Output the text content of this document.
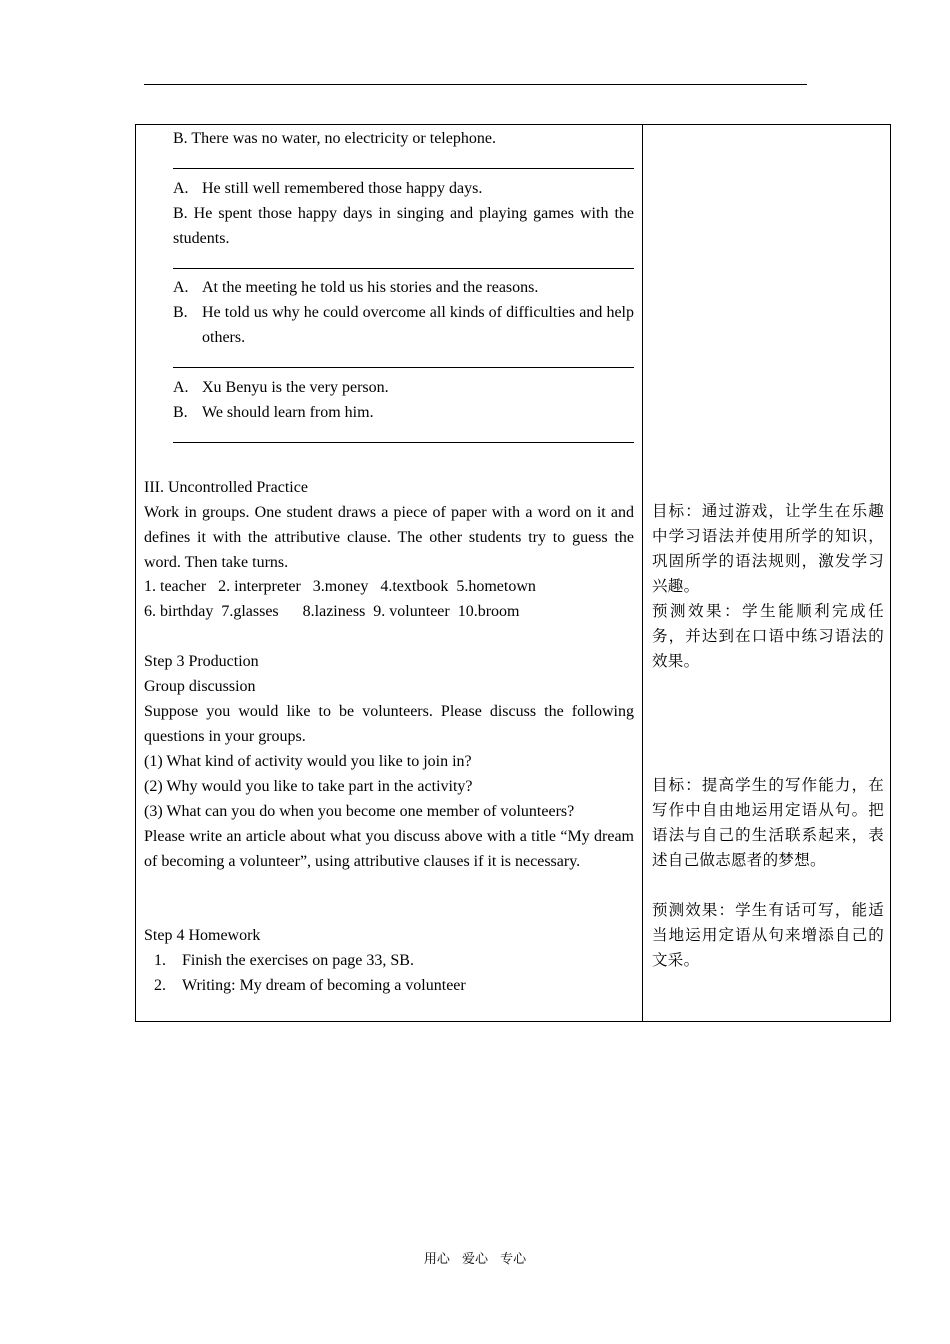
B. There was no water, no electricity or telephone.
A. He still well remembered those happy days.
B. He spent those happy days in singing and playing games with the students.
A. At the meeting he told us his stories and the reasons.
B. He told us why he could overcome all kinds of difficulties and help others.
A. Xu Benyu is the very person.
B. We should learn from him.
III. Uncontrolled Practice
Work in groups. One student draws a piece of paper with a word on it and defines it with the attributive clause. The other students try to guess the word. Then take turns.
1. teacher   2. interpreter   3.money   4.textbook  5.hometown
6. birthday  7.glasses      8.laziness  9. volunteer  10.broom
Step 3 Production
Group discussion
Suppose you would like to be volunteers. Please discuss the following questions in your groups.
(1) What kind of activity would you like to join in?
(2) Why would you like to take part in the activity?
(3) What can you do when you become one member of volunteers?
Please write an article about what you discuss above with a title “My dream of becoming a volunteer”, using attributive clauses if it is necessary.
Step 4 Homework
1. Finish the exercises on page 33, SB.
2. Writing: My dream of becoming a volunteer
目标：通过游戏，让学生在乐趣中学习语法并使用所学的知识，巩固所学的语法规则，激发学习兴趣。
预测效果：学生能顺利完成任务，并达到在口语中练习语法的效果。
目标：提高学生的写作能力，在写作中自由地运用定语从句。把语法与自己的生活联系起来，表述自己做志愿者的梦想。
预测效果：学生有话可写，能适当地运用定语从句来增添自己的文采。
用心 爱心 专心
